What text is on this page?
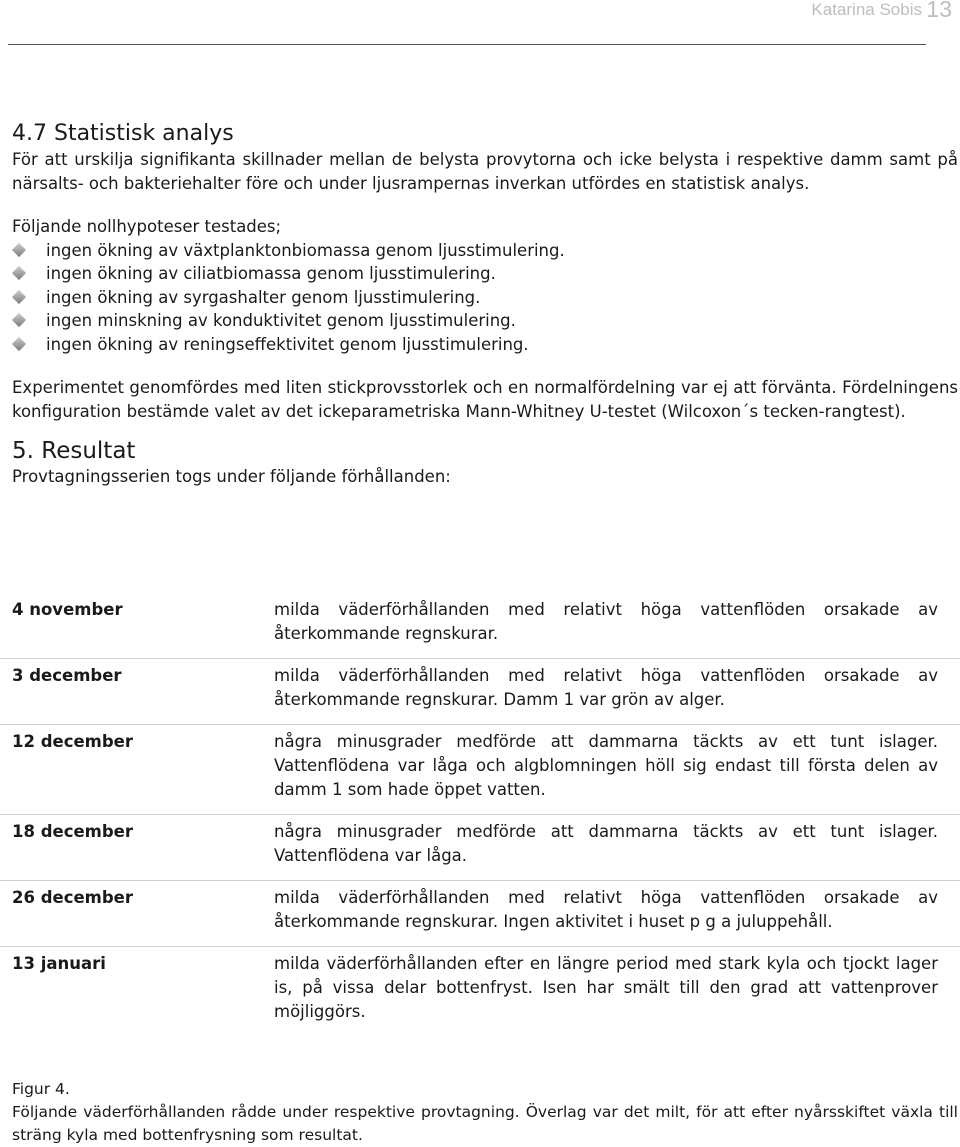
Katarina Sobis 13
4.7 Statistisk analys

För att urskilja signifikanta skillnader mellan de belysta provytorna och icke belysta i respektive damm samt på närsalts- och bakteriehalter före och under ljusrampernas inverkan utfördes en statistisk analys.

Följande nollhypoteser testades;

ingen ökning av växtplanktonbiomassa genom ljusstimulering.
ingen ökning av ciliatbiomassa genom ljusstimulering.
ingen ökning av syrgashalter genom ljusstimulering.
ingen minskning av konduktivitet genom ljusstimulering.
ingen ökning av reningseffektivitet genom ljusstimulering.

Experimentet genomfördes med liten stickprovsstorlek och en normalfördelning var ej att förvänta. Fördelningens konfiguration bestämde valet av det ickeparametriska Mann-Whitney U-testet (Wilcoxon´s tecken-rangtest).

5. Resultat

Provtagningsserien togs under följande förhållanden:

4 november	milda väderförhållanden med relativt höga vattenflöden orsakade av återkommande regnskurar.
3 december	milda väderförhållanden med relativt höga vattenflöden orsakade av återkommande regnskurar. Damm 1 var grön av alger.
12 december	några minusgrader medförde att dammarna täckts av ett tunt islager. Vattenflödena var låga och algblomningen höll sig endast till första delen av damm 1 som hade öppet vatten.
18 december	några minusgrader medförde att dammarna täckts av ett tunt islager. Vattenflödena var låga.
26 december	milda väderförhållanden med relativt höga vattenflöden orsakade av återkommande regnskurar. Ingen aktivitet i huset p g a juluppehåll.
13 januari	milda väderförhållanden efter en längre period med stark kyla och tjockt lager is, på vissa delar bottenfryst. Isen har smält till den grad att vattenprover möjliggörs.

Figur 4.

Följande väderförhållanden rådde under respektive provtagning. Överlag var det milt, för att efter nyårsskiftet växla till sträng kyla med bottenfrysning som resultat.
